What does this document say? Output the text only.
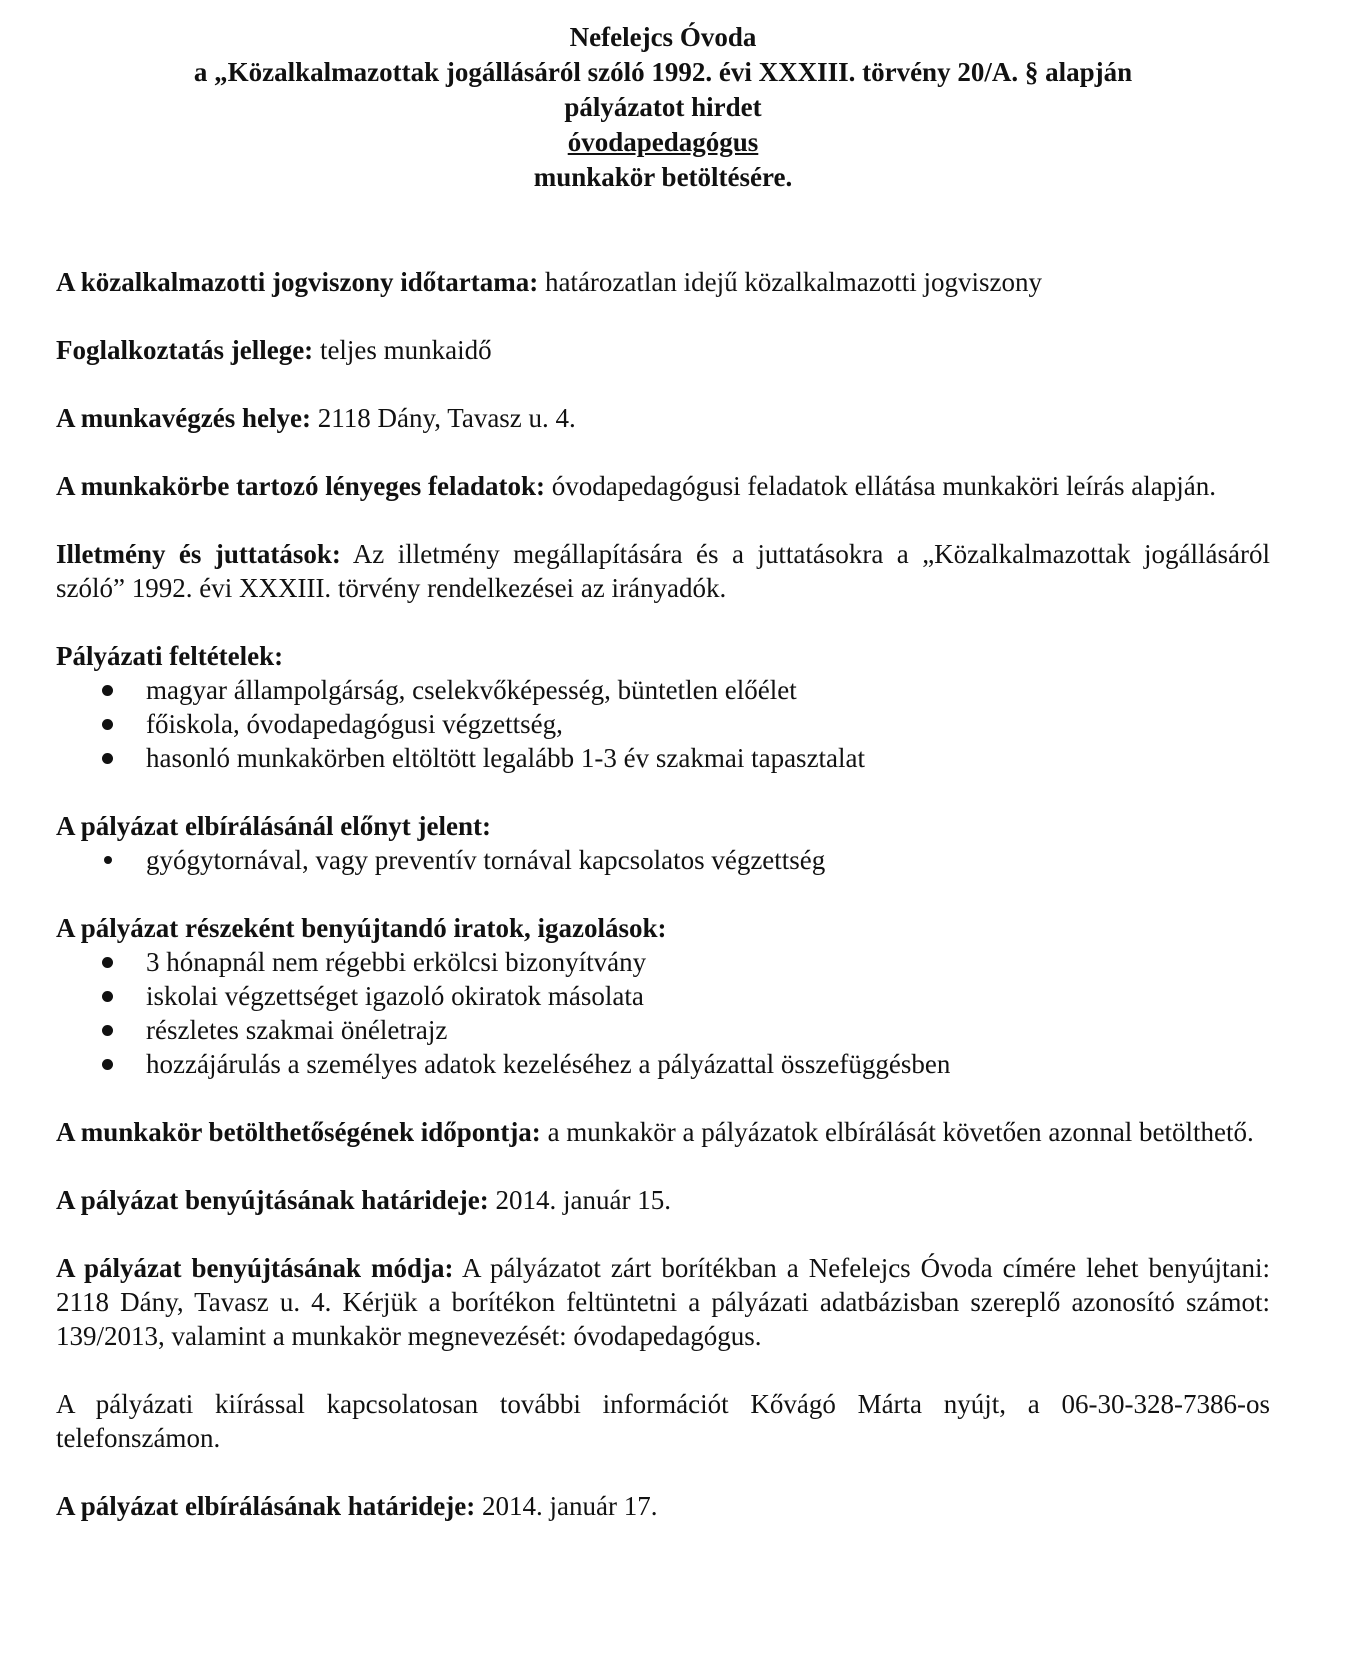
Nefelejcs Óvoda
a „Közalkalmazottak jogállásáról szóló 1992. évi XXXIII. törvény 20/A. § alapján
pályázatot hirdet
óvodapedagógus
munkakör betöltésére.

A közalkalmazotti jogviszony időtartama: határozatlan idejű közalkalmazotti jogviszony

Foglalkoztatás jellege: teljes munkaidő

A munkavégzés helye: 2118 Dány, Tavasz u. 4.

A munkakörbe tartozó lényeges feladatok: óvodapedagógusi feladatok ellátása munkaköri leírás alapján.

Illetmény és juttatások: Az illetmény megállapítására és a juttatásokra a „Közalkalmazottak jogállásáról szóló” 1992. évi XXXIII. törvény rendelkezései az irányadók.

Pályázati feltételek:

magyar állampolgárság, cselekvőképesség, büntetlen előélet
főiskola, óvodapedagógusi végzettség,
hasonló munkakörben eltöltött legalább 1-3 év szakmai tapasztalat

A pályázat elbírálásánál előnyt jelent:

gyógytornával, vagy preventív tornával kapcsolatos végzettség

A pályázat részeként benyújtandó iratok, igazolások:

3 hónapnál nem régebbi erkölcsi bizonyítvány
iskolai végzettséget igazoló okiratok másolata
részletes szakmai önéletrajz
hozzájárulás a személyes adatok kezeléséhez a pályázattal összefüggésben

A munkakör betölthetőségének időpontja: a munkakör a pályázatok elbírálását követően azonnal betölthető.

A pályázat benyújtásának határideje: 2014. január 15.

A pályázat benyújtásának módja: A pályázatot zárt borítékban a Nefelejcs Óvoda címére lehet benyújtani: 2118 Dány, Tavasz u. 4. Kérjük a borítékon feltüntetni a pályázati adatbázisban szereplő azonosító számot: 139/2013, valamint a munkakör megnevezését: óvodapedagógus.

A pályázati kiírással kapcsolatosan további információt Kővágó Márta nyújt, a 06-30-328-7386-os telefonszámon.

A pályázat elbírálásának határideje: 2014. január 17.
